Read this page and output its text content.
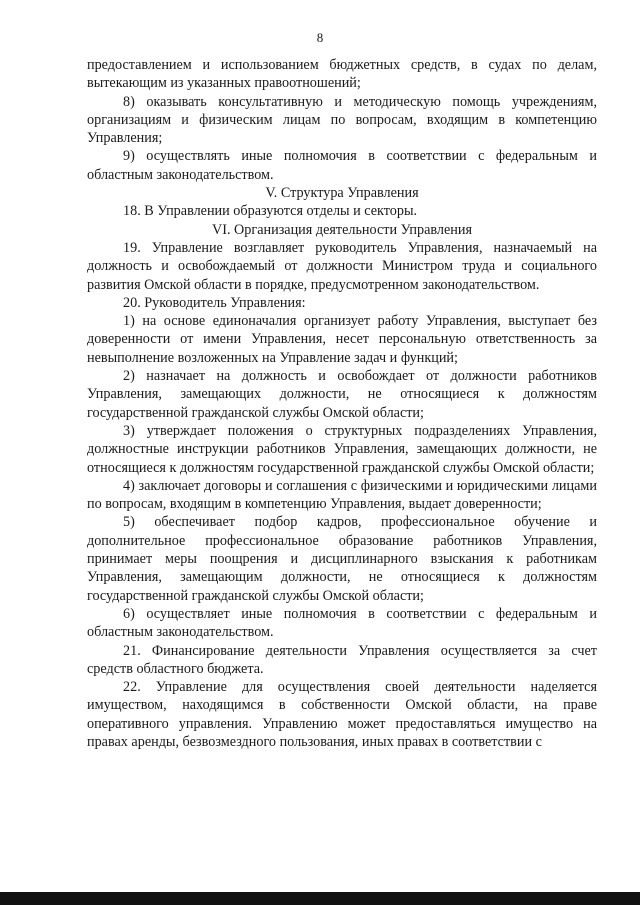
8

предоставлением и использованием бюджетных средств, в судах по делам, вытекающим из указанных правоотношений;

8) оказывать консультативную и методическую помощь учреждениям, организациям и физическим лицам по вопросам, входящим в компетенцию Управления;

9) осуществлять иные полномочия в соответствии с федеральным и областным законодательством.

V. Структура Управления

18. В Управлении образуются отделы и секторы.

VI. Организация деятельности Управления

19. Управление возглавляет руководитель Управления, назначаемый на должность и освобождаемый от должности Министром труда и социального развития Омской области в порядке, предусмотренном законодательством.

20. Руководитель Управления:

1) на основе единоначалия организует работу Управления, выступает без доверенности от имени Управления, несет персональную ответственность за невыполнение возложенных на Управление задач и функций;

2) назначает на должность и освобождает от должности работников Управления, замещающих должности, не относящиеся к должностям государственной гражданской службы Омской области;

3) утверждает положения о структурных подразделениях Управления, должностные инструкции работников Управления, замещающих должности, не относящиеся к должностям государственной гражданской службы Омской области;

4) заключает договоры и соглашения с физическими и юридическими лицами по вопросам, входящим в компетенцию Управления, выдает доверенности;

5) обеспечивает подбор кадров, профессиональное обучение и дополнительное профессиональное образование работников Управления, принимает меры поощрения и дисциплинарного взыскания к работникам Управления, замещающим должности, не относящиеся к должностям государственной гражданской службы Омской области;

6) осуществляет иные полномочия в соответствии с федеральным и областным законодательством.

21. Финансирование деятельности Управления осуществляется за счет средств областного бюджета.

22. Управление для осуществления своей деятельности наделяется имуществом, находящимся в собственности Омской области, на праве оперативного управления. Управлению может предоставляться имущество на правах аренды, безвозмездного пользования, иных правах в соответствии с
